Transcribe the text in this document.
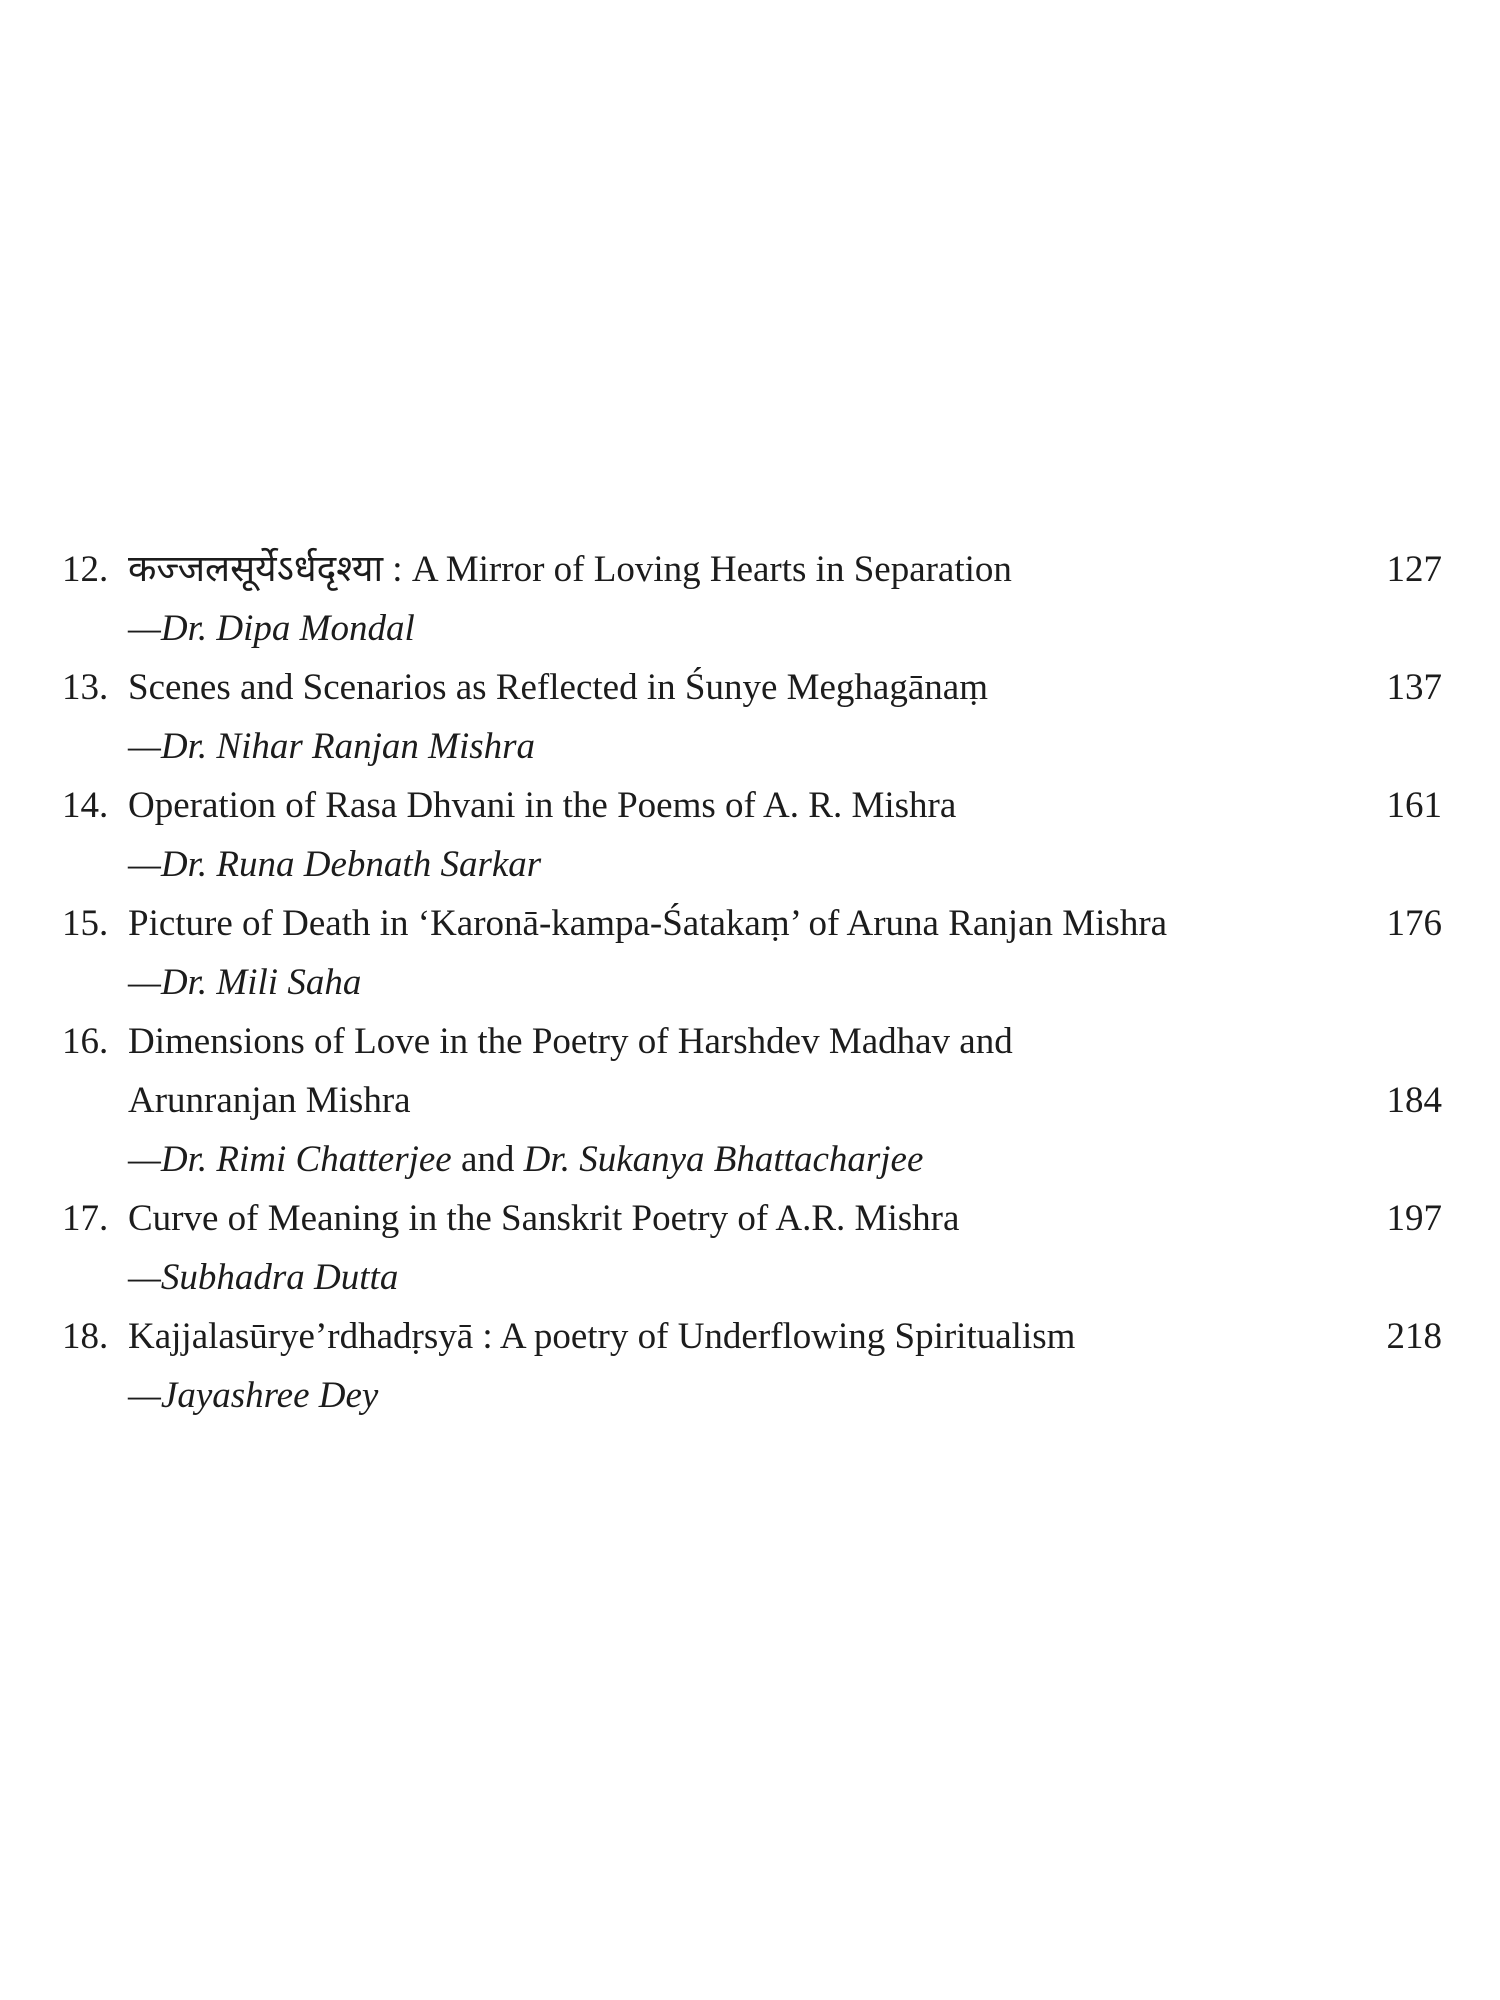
12. कज्जलसूर्येऽर्धदृश्या : A Mirror of Loving Hearts in Separation	127
—Dr. Dipa Mondal
13. Scenes and Scenarios as Reflected in Śunye Meghagānaṃ	137
—Dr. Nihar Ranjan Mishra
14. Operation of Rasa Dhvani in the Poems of A. R. Mishra	161
—Dr. Runa Debnath Sarkar
15. Picture of Death in ‘Karonā-kampa-Śatakaṃ’ of Aruna Ranjan Mishra	176
—Dr. Mili Saha
16. Dimensions of Love in the Poetry of Harshdev Madhav and
Arunranjan Mishra	184
—Dr. Rimi Chatterjee and Dr. Sukanya Bhattacharjee
17. Curve of Meaning in the Sanskrit Poetry of A.R. Mishra	197
—Subhadra Dutta
18. Kajjalasūrye’rdhadṛsyā : A poetry of Underflowing Spiritualism	218
—Jayashree Dey
